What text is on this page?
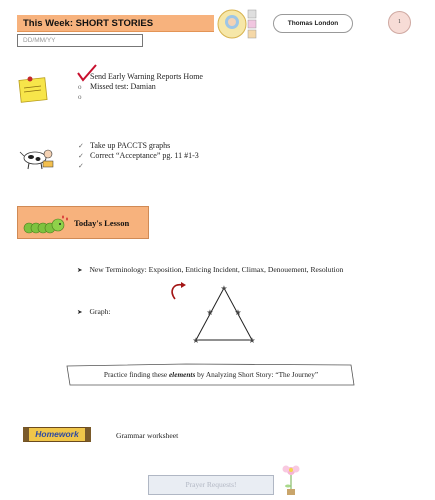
This Week: SHORT STORIES
DD/MM/YY
Thomas London	1
Send Early Warning Reports Home
o	Missed test: Damian
o
✓ Take up PACCTS graphs
✓ Correct “Acceptance” pg. 11 #1-3
✓
Today's Lesson
➤ New Terminology: Exposition, Enticing Incident, Climax, Denouement, Resolution
➤ Graph:
★
★	★
★	★
Practice finding these elements by Analyzing Short Story: “The Journey”
Homework	Grammar worksheet
Prayer Requests!
